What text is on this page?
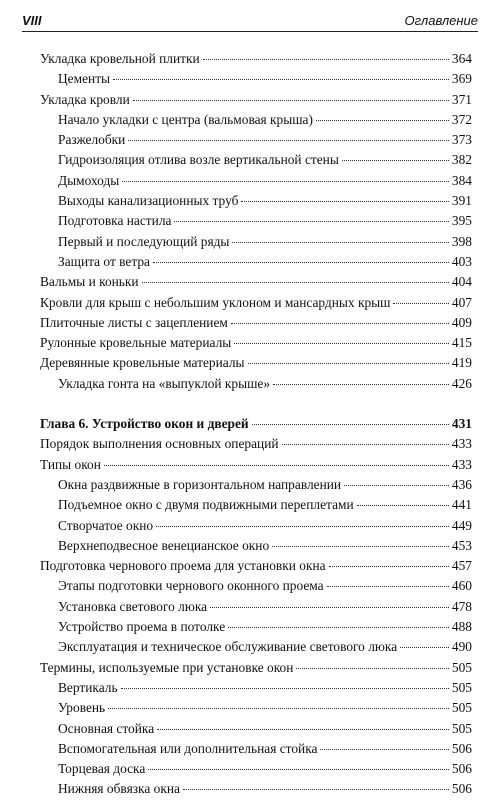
VIII	Оглавление
Укладка кровельной плитки	364
Цементы	369
Укладка кровли	371
Начало укладки с центра (вальмовая крыша)	372
Разжелобки	373
Гидроизоляция отлива возле вертикальной стены	382
Дымоходы	384
Выходы канализационных труб	391
Подготовка настила	395
Первый и последующий ряды	398
Защита от ветра	403
Вальмы и коньки	404
Кровли для крыш с небольшим уклоном и мансардных крыш	407
Плиточные листы с зацеплением	409
Рулонные кровельные материалы	415
Деревянные кровельные материалы	419
Укладка гонта на «выпуклой крыше»	426
Глава 6. Устройство окон и дверей	431
Порядок выполнения основных операций	433
Типы окон	433
Окна раздвижные в горизонтальном направлении	436
Подъемное окно с двумя подвижными переплетами	441
Створчатое окно	449
Верхнеподвесное венецианское окно	453
Подготовка чернового проема для установки окна	457
Этапы подготовки чернового оконного проема	460
Установка светового люка	478
Устройство проема в потолке	488
Эксплуатация и техническое обслуживание светового люка	490
Термины, используемые при установке окон	505
Вертикаль	505
Уровень	505
Основная стойка	505
Вспомогательная или дополнительная стойка	506
Торцевая доска	506
Нижняя обвязка окна	506
